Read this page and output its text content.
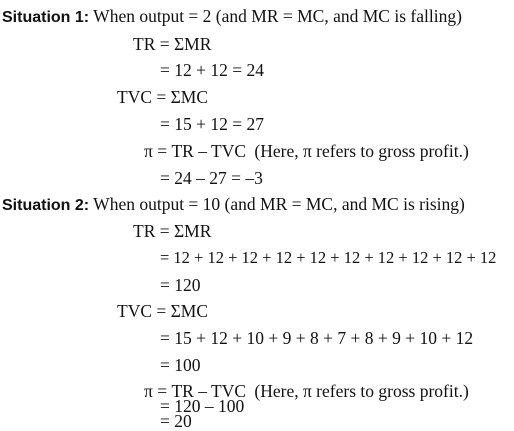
Situation 1: When output = 2 (and MR = MC, and MC is falling)
TR = ΣMR
= 12 + 12 = 24
TVC = ΣMC
= 15 + 12 = 27
π = TR – TVC (Here, π refers to gross profit.)
= 24 – 27 = –3
Situation 2: When output = 10 (and MR = MC, and MC is rising)
TR = ΣMR
= 12 + 12 + 12 + 12 + 12 + 12 + 12 + 12 + 12 + 12
= 120
TVC = ΣMC
= 15 + 12 + 10 + 9 + 8 + 7 + 8 + 9 + 10 + 12
= 100
π = TR – TVC (Here, π refers to gross profit.)
= 120 – 100
= 20
